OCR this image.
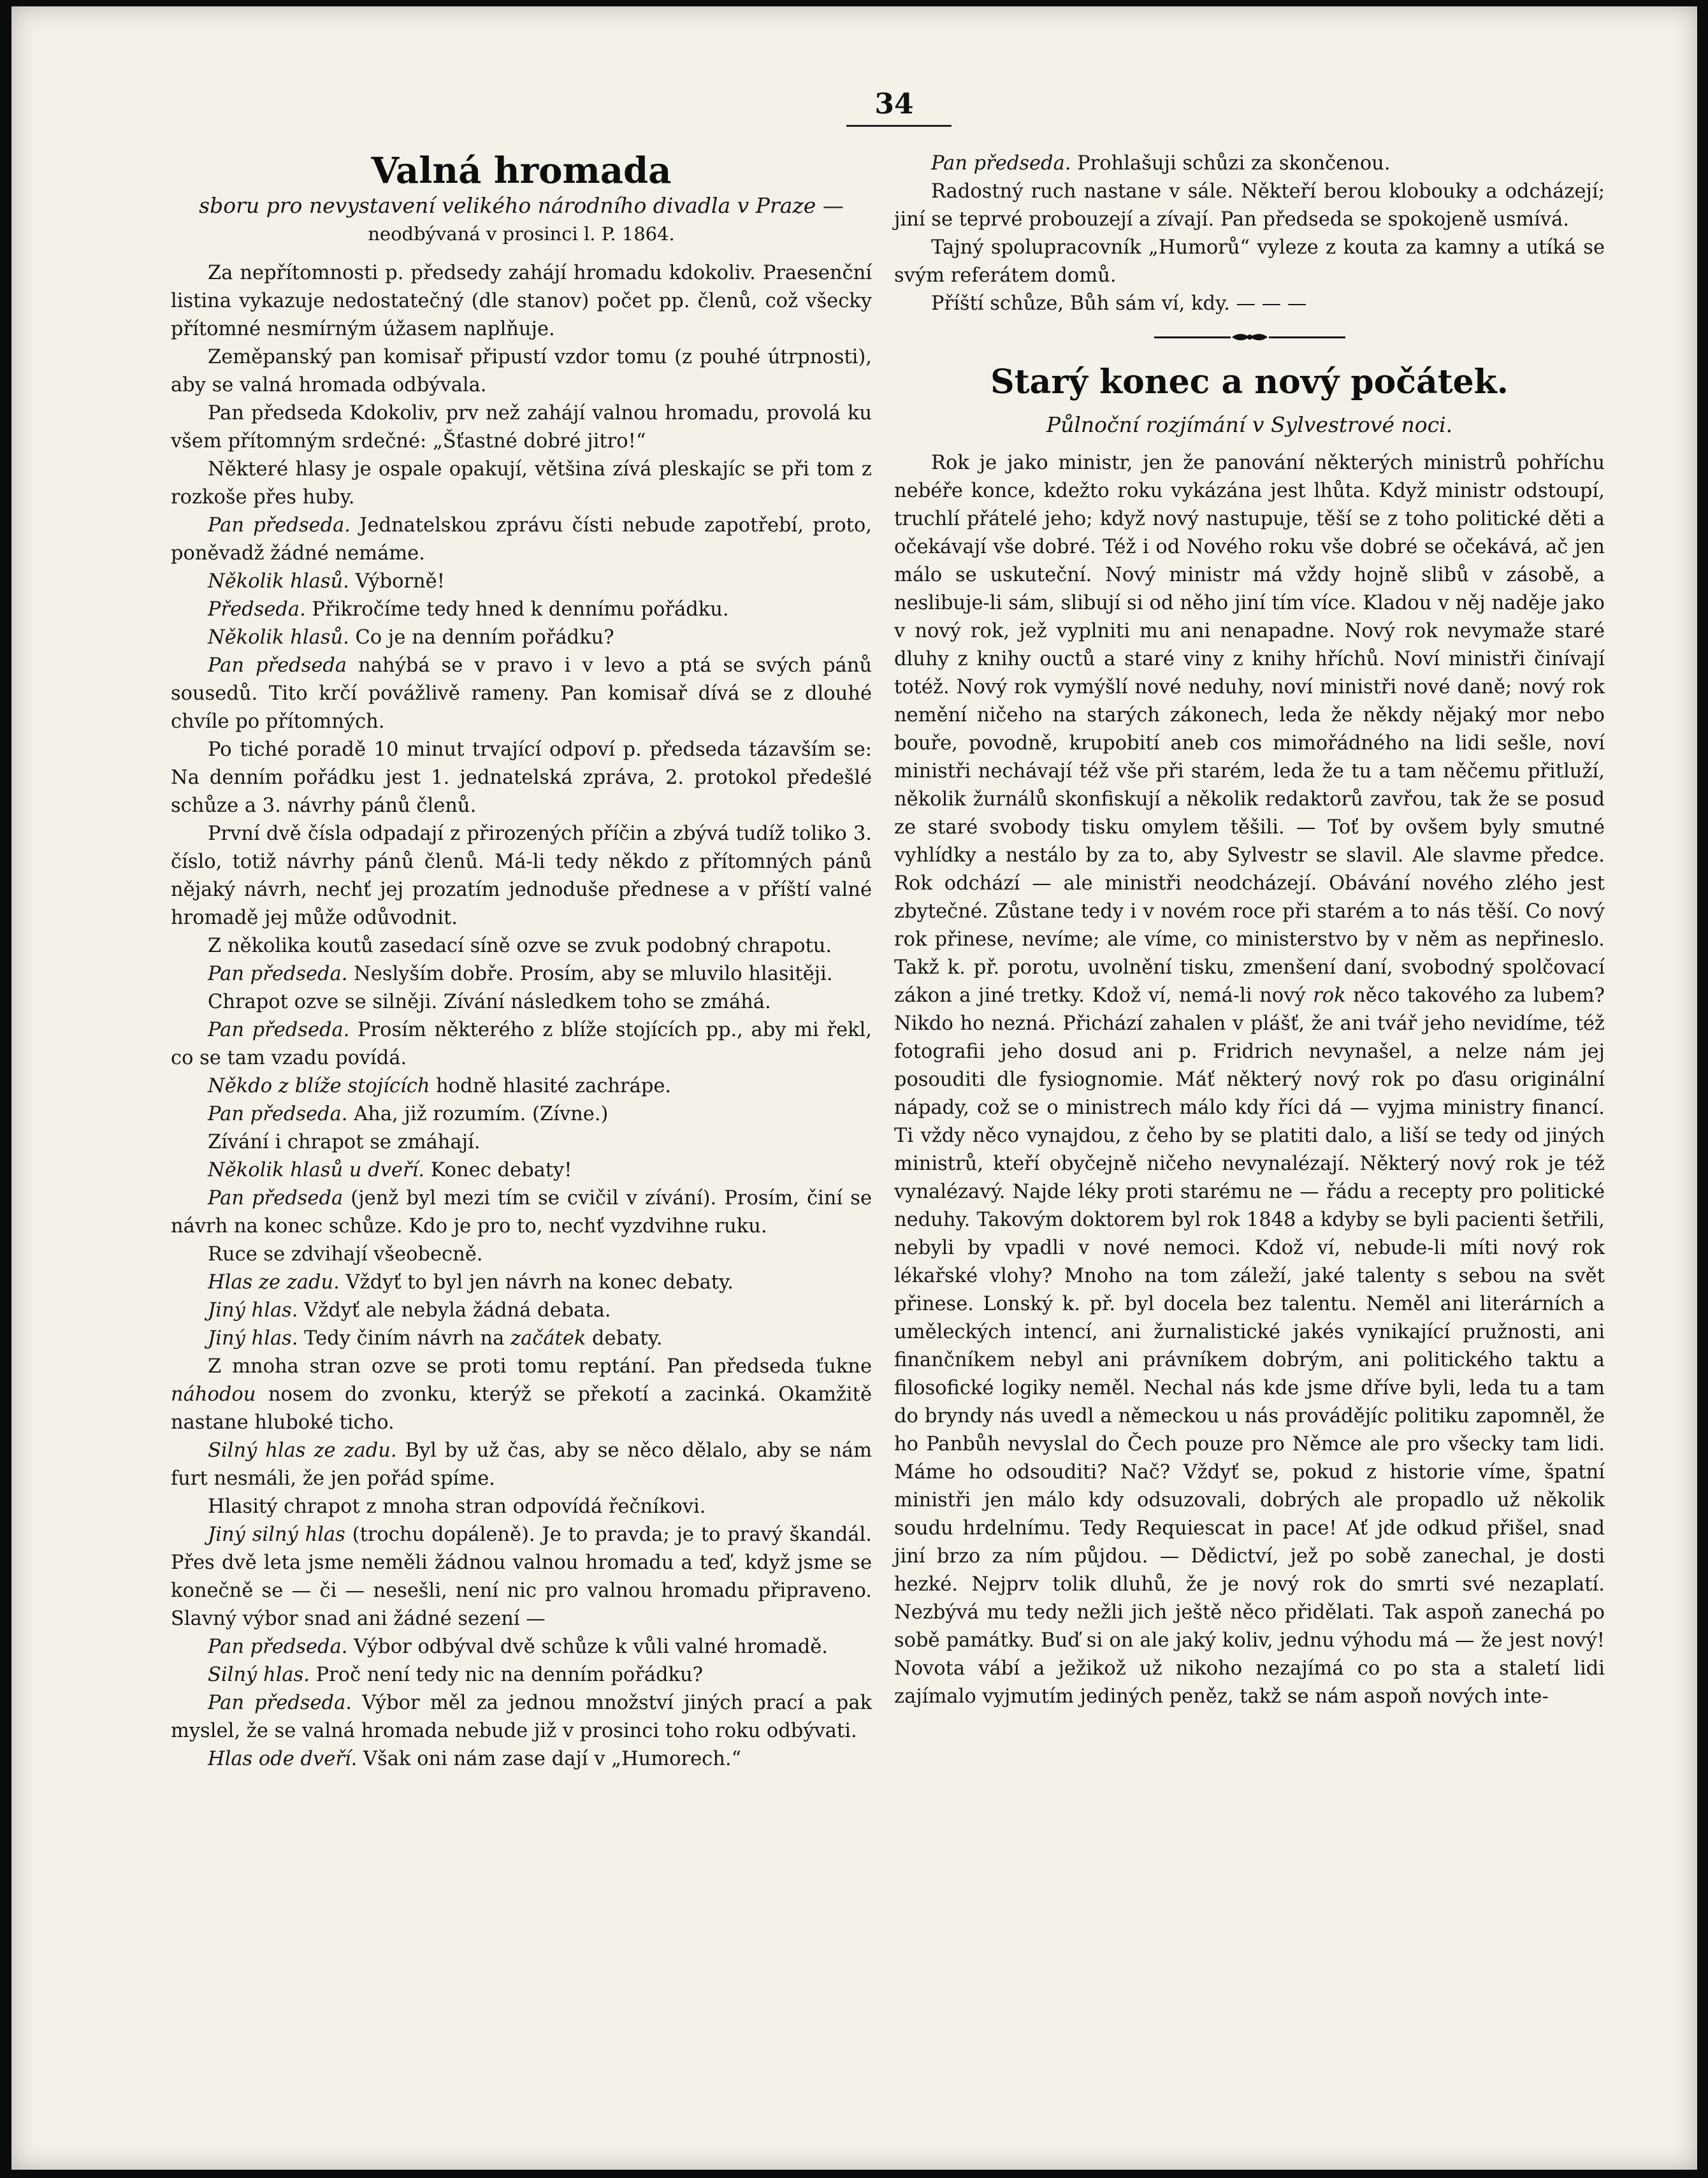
34
Valná hromada
sboru pro nevystavení velikého národního divadla v Praze —
neodbývaná v prosinci l. P. 1864.

Za nepřítomnosti p. předsedy zahájí hromadu kdokoliv. Praesenční listina vykazuje nedostatečný (dle stanov) počet pp. členů, což všecky přítomné nesmírným úžasem naplňuje.

Zeměpanský pan komisař připustí vzdor tomu (z pouhé útrpnosti), aby se valná hromada odbývala.

Pan předseda Kdokoliv, prv než zahájí valnou hromadu, provolá ku všem přítomným srdečné: „Šťastné dobré jitro!“

Některé hlasy je ospale opakují, většina zívá pleskajíc se při tom z rozkoše přes huby.

Pan předseda. Jednatelskou zprávu čísti nebude zapotřebí, proto, poněvadž žádné nemáme.

Několik hlasů. Výborně!

Předseda. Přikročíme tedy hned k dennímu pořádku.

Několik hlasů. Co je na denním pořádku?

Pan předseda nahýbá se v pravo i v levo a ptá se svých pánů sousedů. Tito krčí povážlivě rameny. Pan komisař dívá se z dlouhé chvíle po přítomných.

Po tiché poradě 10 minut trvající odpoví p. předseda tázavším se: Na denním pořádku jest 1. jednatelská zpráva, 2. protokol předešlé schůze a 3. návrhy pánů členů.

První dvě čísla odpadají z přirozených příčin a zbývá tudíž toliko 3. číslo, totiž návrhy pánů členů. Má-li tedy někdo z přítomných pánů nějaký návrh, nechť jej prozatím jednoduše přednese a v příští valné hromadě jej může odůvodnit.

Z několika koutů zasedací síně ozve se zvuk podobný chrapotu.

Pan předseda. Neslyším dobře. Prosím, aby se mluvilo hlasitěji.

Chrapot ozve se silněji. Zívání následkem toho se zmáhá.

Pan předseda. Prosím některého z blíže stojících pp., aby mi řekl, co se tam vzadu povídá.

Někdo z blíže stojících hodně hlasité zachrápe.

Pan předseda. Aha, již rozumím. (Zívne.)

Zívání i chrapot se zmáhají.

Několik hlasů u dveří. Konec debaty!

Pan předseda (jenž byl mezi tím se cvičil v zívání). Prosím, činí se návrh na konec schůze. Kdo je pro to, nechť vyzdvihne ruku.

Ruce se zdvihají všeobecně.

Hlas ze zadu. Vždyť to byl jen návrh na konec debaty.

Jiný hlas. Vždyť ale nebyla žádná debata.

Jiný hlas. Tedy činím návrh na začátek debaty.

Z mnoha stran ozve se proti tomu reptání. Pan předseda ťukne náhodou nosem do zvonku, kterýž se překotí a zacinká. Okamžitě nastane hluboké ticho.

Silný hlas ze zadu. Byl by už čas, aby se něco dělalo, aby se nám furt nesmáli, že jen pořád spíme.

Hlasitý chrapot z mnoha stran odpovídá řečníkovi.

Jiný silný hlas (trochu dopáleně). Je to pravda; je to pravý škandál. Přes dvě leta jsme neměli žádnou valnou hromadu a teď, když jsme se konečně se — či — nesešli, není nic pro valnou hromadu připraveno. Slavný výbor snad ani žádné sezení —

Pan předseda. Výbor odbýval dvě schůze k vůli valné hromadě.

Silný hlas. Proč není tedy nic na denním pořádku?

Pan předseda. Výbor měl za jednou množství jiných prací a pak myslel, že se valná hromada nebude již v prosinci toho roku odbývati.

Hlas ode dveří. Však oni nám zase dají v „Humorech.“

Pan předseda. Prohlašuji schůzi za skončenou.

Radostný ruch nastane v sále. Někteří berou klobouky a odcházejí; jiní se teprvé probouzejí a zívají. Pan předseda se spokojeně usmívá.

Tajný spolupracovník „Humorů“ vyleze z kouta za kamny a utíká se svým referátem domů.

Příští schůze, Bůh sám ví, kdy. — — —

Starý konec a nový počátek.
Půlnoční rozjímání v Sylvestrové noci.

Rok je jako ministr, jen že panování některých ministrů pohříchu nebéře konce, kdežto roku vykázána jest lhůta. Když ministr odstoupí, truchlí přátelé jeho; když nový nastupuje, těší se z toho politické děti a očekávají vše dobré. Též i od Nového roku vše dobré se očekává, ač jen málo se uskuteční. Nový ministr má vždy hojně slibů v zásobě, a neslibuje-li sám, slibují si od něho jiní tím více. Kladou v něj naděje jako v nový rok, jež vyplniti mu ani nenapadne. Nový rok nevymaže staré dluhy z knihy ouctů a staré viny z knihy hříchů. Noví ministři činívají totéž. Nový rok vymýšlí nové neduhy, noví ministři nové daně; nový rok nemění ničeho na starých zákonech, leda že někdy nějaký mor nebo bouře, povodně, krupobití aneb cos mimořádného na lidi sešle, noví ministři nechávají též vše při starém, leda že tu a tam něčemu přitluží, několik žurnálů skonfiskují a několik redaktorů zavřou, tak že se posud ze staré svobody tisku omylem těšili. — Toť by ovšem byly smutné vyhlídky a nestálo by za to, aby Sylvestr se slavil. Ale slavme předce. Rok odchází — ale ministři neodcházejí. Obávání nového zlého jest zbytečné. Zůstane tedy i v novém roce při starém a to nás těší. Co nový rok přinese, nevíme; ale víme, co ministerstvo by v něm as nepřineslo. Takž k. př. porotu, uvolnění tisku, zmenšení daní, svobodný spolčovací zákon a jiné tretky. Kdož ví, nemá-li nový rok něco takového za lubem? Nikdo ho nezná. Přichází zahalen v plášť, že ani tvář jeho nevidíme, též fotografii jeho dosud ani p. Fridrich nevynašel, a nelze nám jej posouditi dle fysiognomie. Máť některý nový rok po ďasu originální nápady, což se o ministrech málo kdy říci dá — vyjma ministry financí. Ti vždy něco vynajdou, z čeho by se platiti dalo, a liší se tedy od jiných ministrů, kteří obyčejně ničeho nevynalézají. Některý nový rok je též vynalézavý. Najde léky proti starému ne — řádu a recepty pro politické neduhy. Takovým doktorem byl rok 1848 a kdyby se byli pacienti šetřili, nebyli by vpadli v nové nemoci. Kdož ví, nebude-li míti nový rok lékařské vlohy? Mnoho na tom záleží, jaké talenty s sebou na svět přinese. Lonský k. př. byl docela bez talentu. Neměl ani literárních a uměleckých intencí, ani žurnalistické jakés vynikající pružnosti, ani finančníkem nebyl ani právníkem dobrým, ani politického taktu a filosofické logiky neměl. Nechal nás kde jsme dříve byli, leda tu a tam do bryndy nás uvedl a německou u nás provádějíc politiku zapomněl, že ho Panbůh nevyslal do Čech pouze pro Němce ale pro všecky tam lidi. Máme ho odsouditi? Nač? Vždyť se, pokud z historie víme, špatní ministři jen málo kdy odsuzovali, dobrých ale propadlo už několik soudu hrdelnímu. Tedy Requiescat in pace! Ať jde odkud přišel, snad jiní brzo za ním půjdou. — Dědictví, jež po sobě zanechal, je dosti hezké. Nejprv tolik dluhů, že je nový rok do smrti své nezaplatí. Nezbývá mu tedy nežli jich ještě něco přidělati. Tak aspoň zanechá po sobě památky. Buď si on ale jaký koliv, jednu výhodu má — že jest nový! Novota vábí a ježikož už nikoho nezajímá co po sta a staletí lidi zajímalo vyjmutím jediných peněz, takž se nám aspoň nových inte-
